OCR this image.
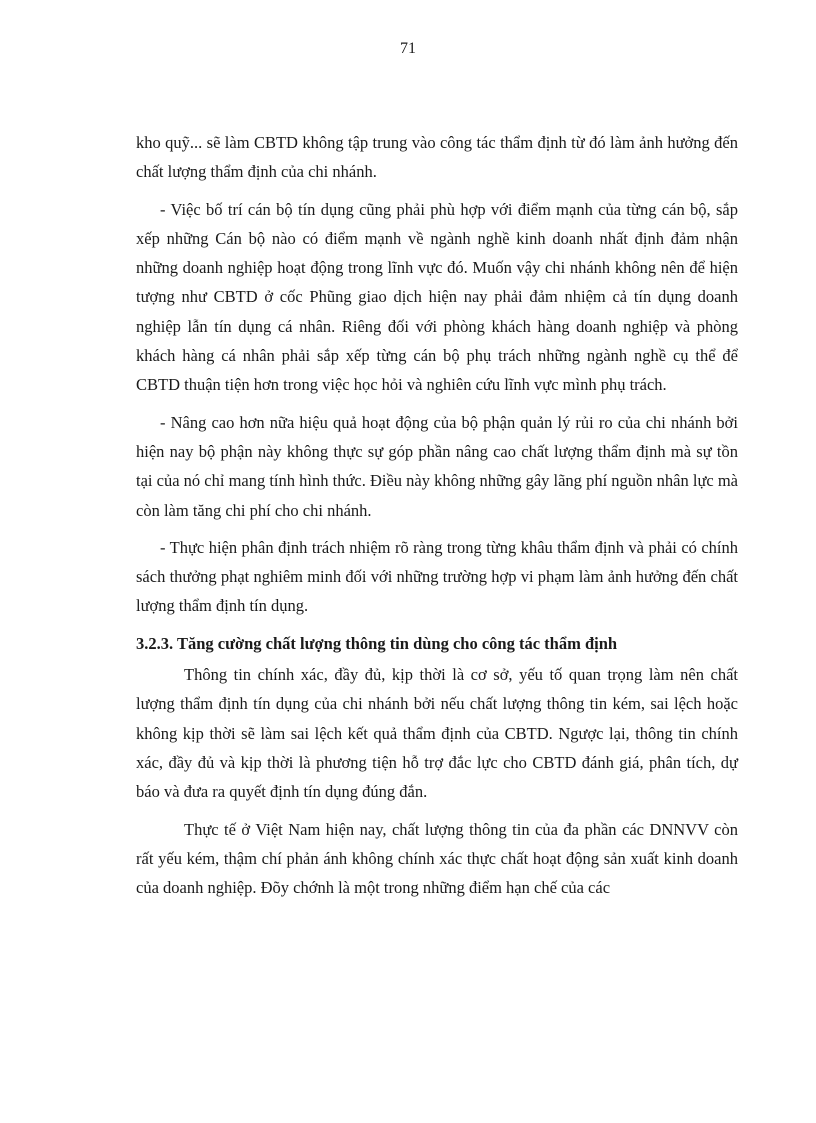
71

kho quỹ... sẽ làm CBTD không tập trung vào công tác thẩm định từ đó làm ảnh hưởng đến chất lượng thẩm định của chi nhánh.

- Việc bố trí cán bộ tín dụng cũng phải phù hợp với điểm mạnh của từng cán bộ, sắp xếp những Cán bộ nào có điểm mạnh về ngành nghề kinh doanh nhất định đảm nhận những doanh nghiệp hoạt động trong lĩnh vực đó. Muốn vậy chi nhánh không nên để hiện tượng như CBTD ở cốc Phũng giao dịch hiện nay phải đảm nhiệm cả tín dụng doanh nghiệp lẫn tín dụng cá nhân. Riêng đối với phòng khách hàng doanh nghiệp và phòng khách hàng cá nhân phải sắp xếp từng cán bộ phụ trách những ngành nghề cụ thể để CBTD thuận tiện hơn trong việc học hỏi và nghiên cứu lĩnh vực mình phụ trách.

- Nâng cao hơn nữa hiệu quả hoạt động của bộ phận quản lý rủi ro của chi nhánh bởi hiện nay bộ phận này không thực sự góp phần nâng cao chất lượng thẩm định mà sự tồn tại của nó chỉ mang tính hình thức. Điều này không những gây lãng phí nguồn nhân lực mà còn làm tăng chi phí cho chi nhánh.

- Thực hiện phân định trách nhiệm rõ ràng trong từng khâu thẩm định và phải có chính sách thưởng phạt nghiêm minh đối với những trường hợp vi phạm làm ảnh hưởng đến chất lượng thẩm định tín dụng.

3.2.3. Tăng cường chất lượng thông tin dùng cho công tác thẩm định

Thông tin chính xác, đầy đủ, kịp thời là cơ sở, yếu tố quan trọng làm nên chất lượng thẩm định tín dụng của chi nhánh bởi nếu chất lượng thông tin kém, sai lệch hoặc không kịp thời sẽ làm sai lệch kết quả thẩm định của CBTD. Ngược lại, thông tin chính xác, đầy đủ và kịp thời là phương tiện hỗ trợ đắc lực cho CBTD đánh giá, phân tích, dự báo và đưa ra quyết định tín dụng đúng đắn.

Thực tế ở Việt Nam hiện nay, chất lượng thông tin của đa phần các DNNVV còn rất yếu kém, thậm chí phản ánh không chính xác thực chất hoạt động sản xuất kinh doanh của doanh nghiệp. Đõy chớnh là một trong những điểm hạn chế của các
